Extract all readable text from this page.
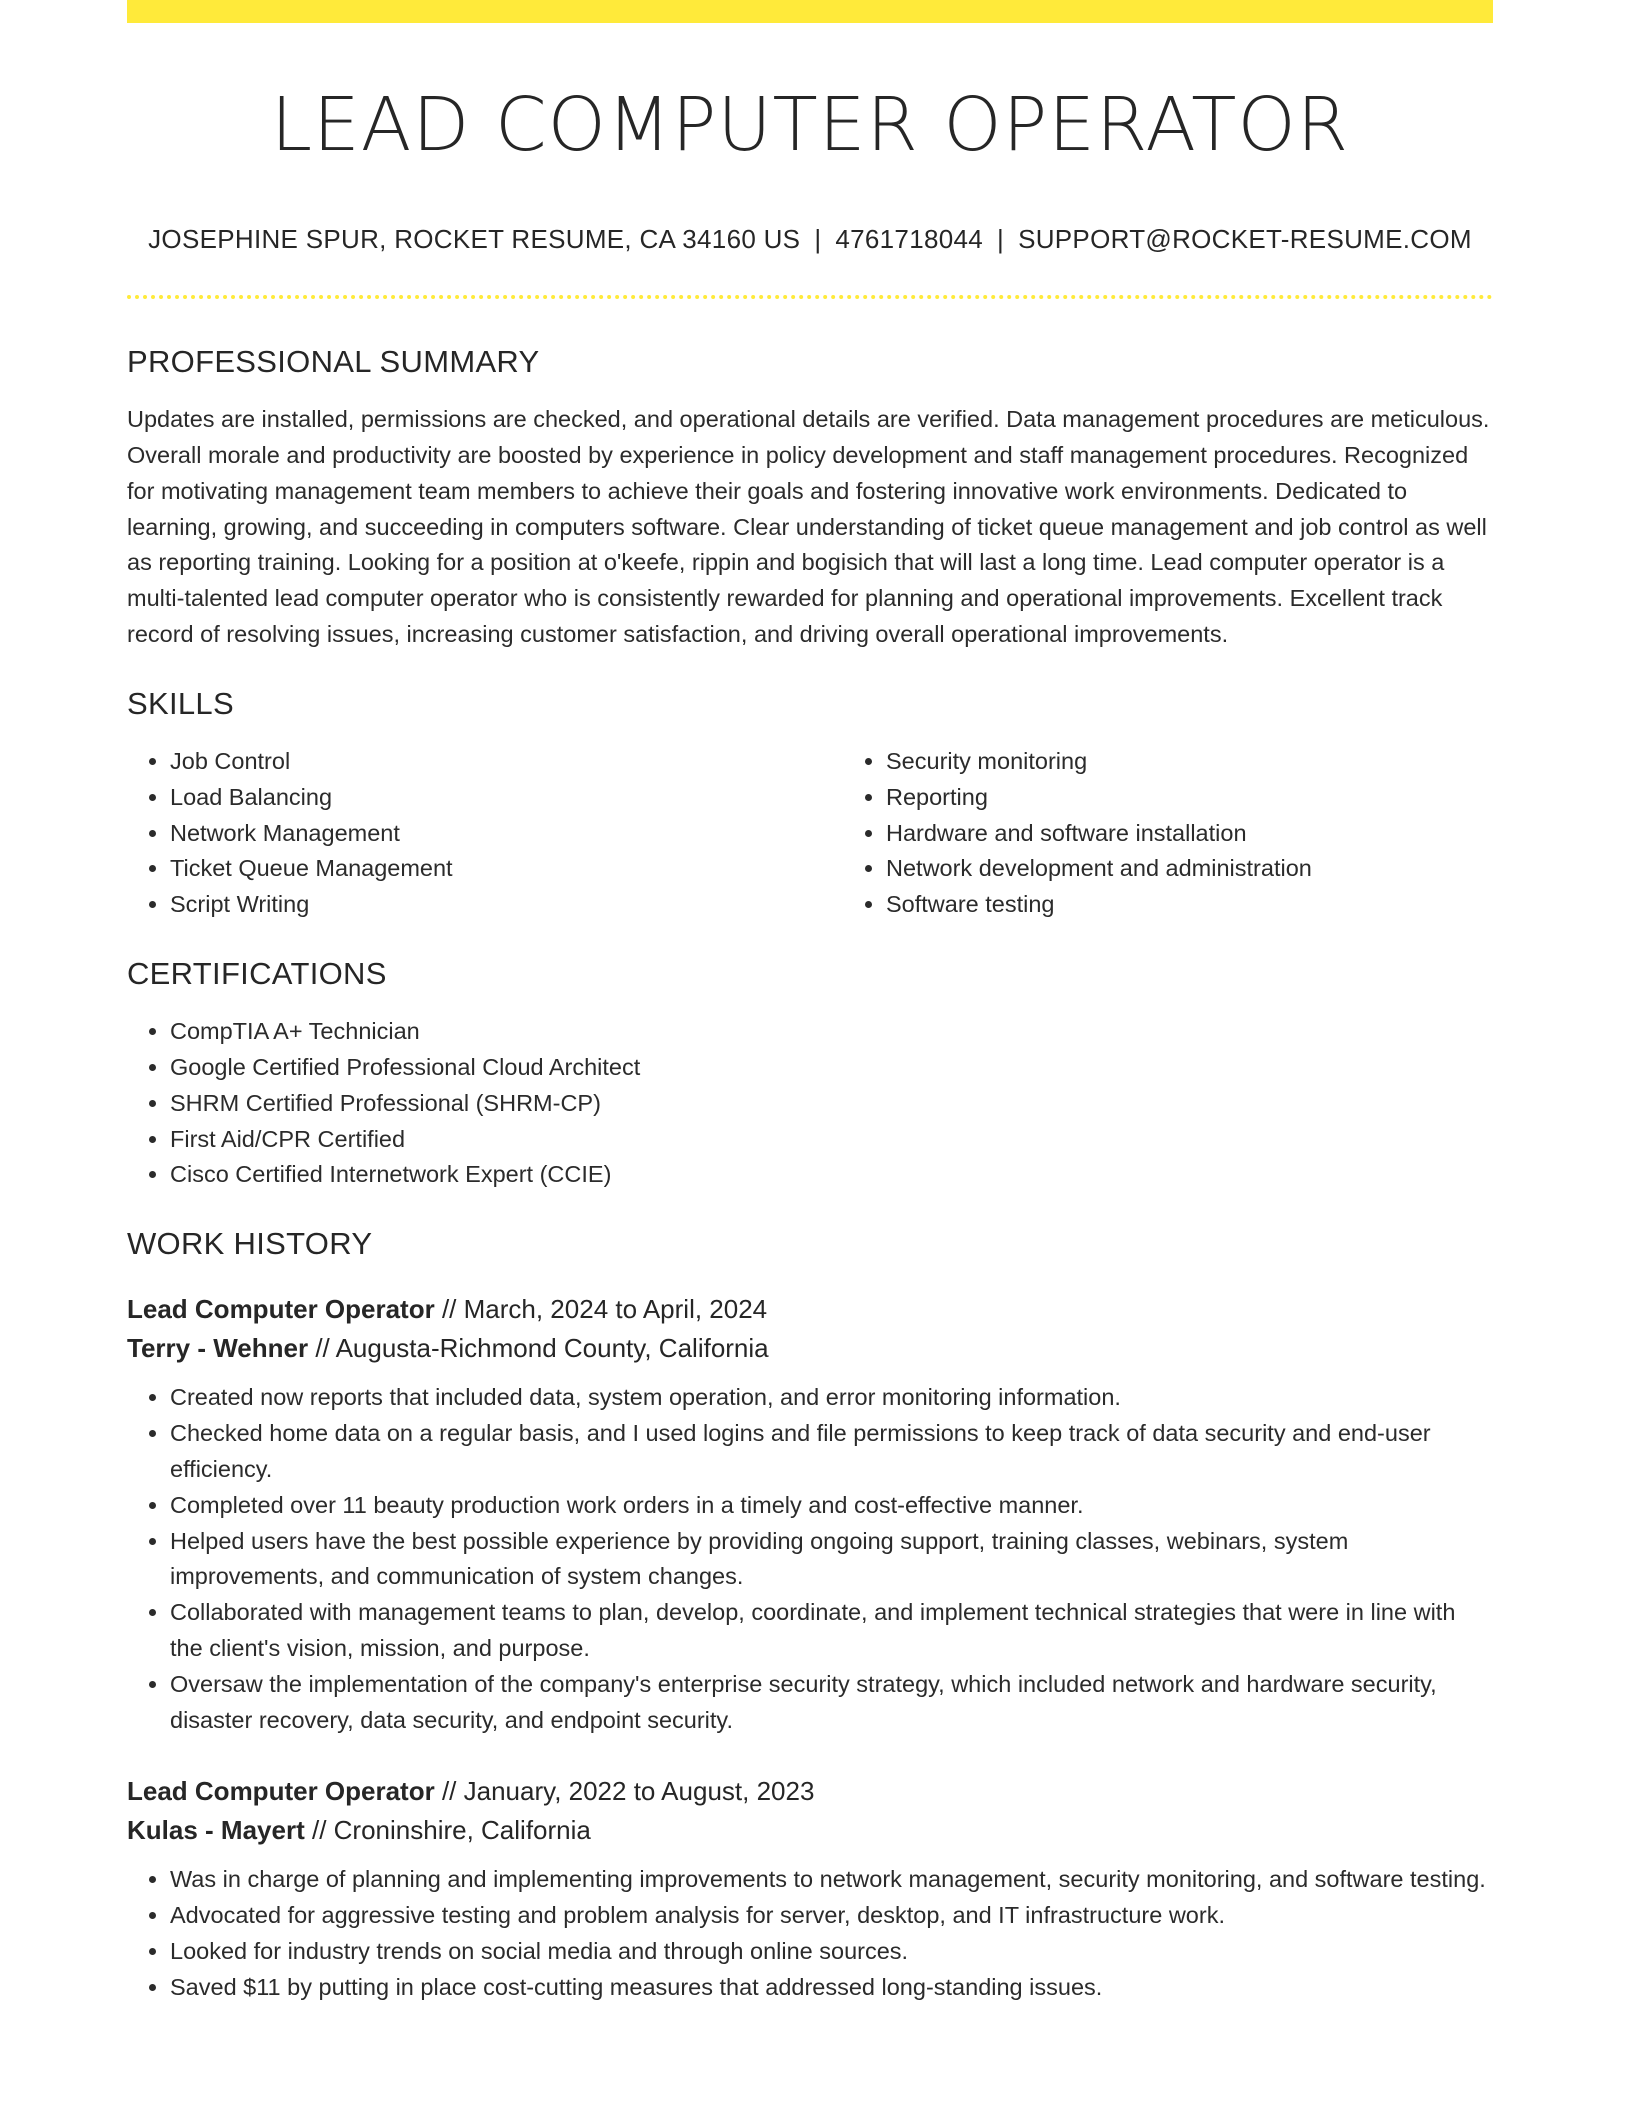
LEAD COMPUTER OPERATOR
JOSEPHINE SPUR, ROCKET RESUME, CA 34160 US | 4761718044 | SUPPORT@ROCKET-RESUME.COM
PROFESSIONAL SUMMARY

Updates are installed, permissions are checked, and operational details are verified. Data management procedures are meticulous. Overall morale and productivity are boosted by experience in policy development and staff management procedures. Recognized for motivating management team members to achieve their goals and fostering innovative work environments. Dedicated to learning, growing, and succeeding in computers software. Clear understanding of ticket queue management and job control as well as reporting training. Looking for a position at o'keefe, rippin and bogisich that will last a long time. Lead computer operator is a multi-talented lead computer operator who is consistently rewarded for planning and operational improvements. Excellent track record of resolving issues, increasing customer satisfaction, and driving overall operational improvements.

SKILLS
• Job Control
• Load Balancing
• Network Management
• Ticket Queue Management
• Script Writing
• Security monitoring
• Reporting
• Hardware and software installation
• Network development and administration
• Software testing
CERTIFICATIONS
• CompTIA A+ Technician
• Google Certified Professional Cloud Architect
• SHRM Certified Professional (SHRM-CP)
• First Aid/CPR Certified
• Cisco Certified Internetwork Expert (CCIE)
WORK HISTORY
Lead Computer Operator // March, 2024 to April, 2024
Terry - Wehner // Augusta-Richmond County, California
• Created now reports that included data, system operation, and error monitoring information.
• Checked home data on a regular basis, and I used logins and file permissions to keep track of data security and end-user efficiency.
• Completed over 11 beauty production work orders in a timely and cost-effective manner.
• Helped users have the best possible experience by providing ongoing support, training classes, webinars, system improvements, and communication of system changes.
• Collaborated with management teams to plan, develop, coordinate, and implement technical strategies that were in line with the client's vision, mission, and purpose.
• Oversaw the implementation of the company's enterprise security strategy, which included network and hardware security, disaster recovery, data security, and endpoint security.
Lead Computer Operator // January, 2022 to August, 2023
Kulas - Mayert // Croninshire, California
• Was in charge of planning and implementing improvements to network management, security monitoring, and software testing.
• Advocated for aggressive testing and problem analysis for server, desktop, and IT infrastructure work.
• Looked for industry trends on social media and through online sources.
• Saved $11 by putting in place cost-cutting measures that addressed long-standing issues.
